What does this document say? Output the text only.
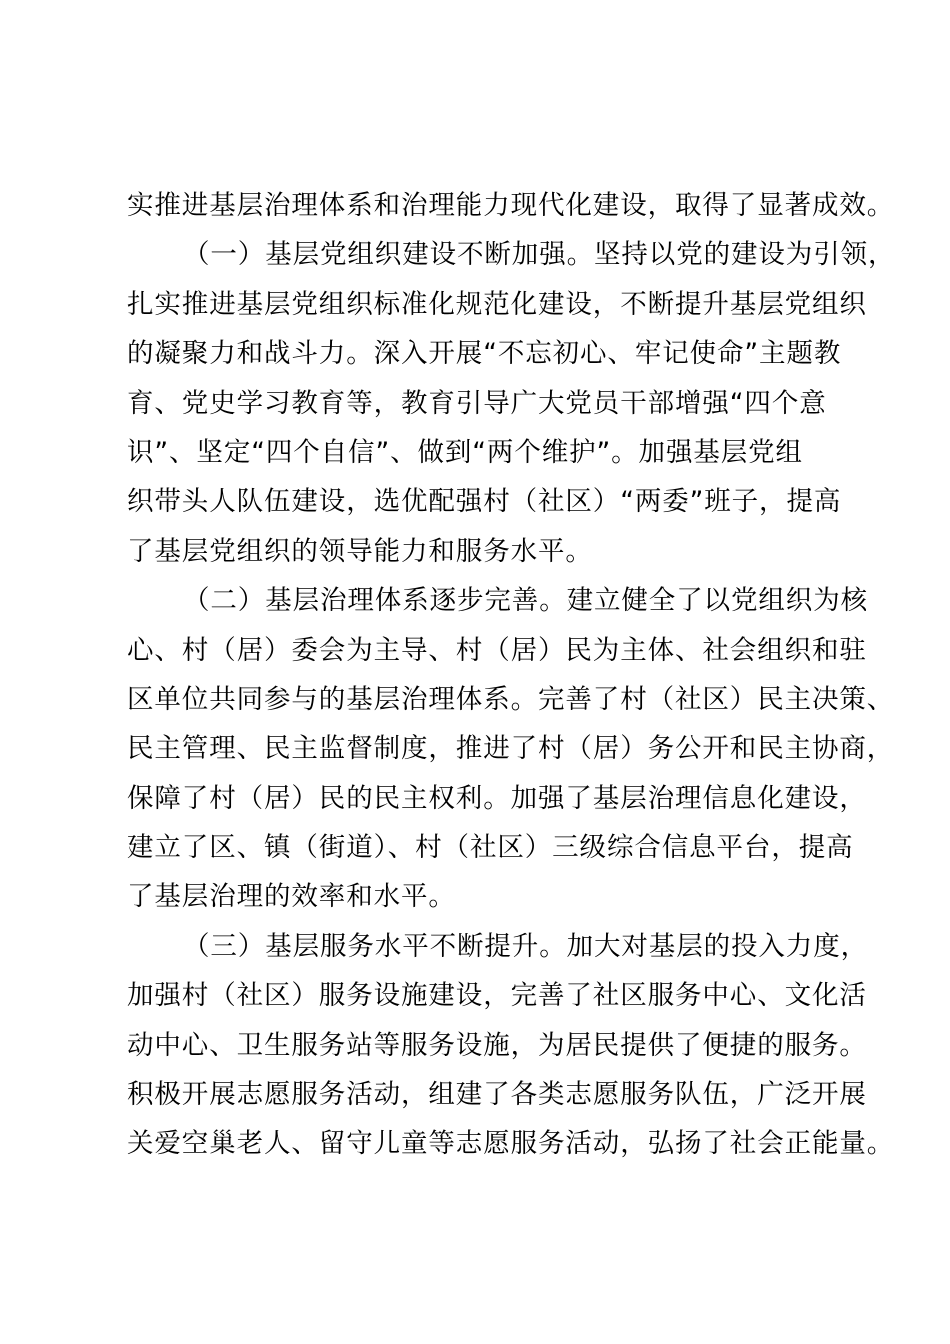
实推进基层治理体系和治理能力现代化建设，取得了显著成效。
（一）基层党组织建设不断加强。坚持以党的建设为引领，
扎实推进基层党组织标准化规范化建设，不断提升基层党组织
的凝聚力和战斗力。深入开展“不忘初心、牢记使命”主题教
育、党史学习教育等，教育引导广大党员干部增强“四个意
识”、坚定“四个自信”、做到“两个维护”。加强基层党组
织带头人队伍建设，选优配强村（社区）“两委”班子，提高
了基层党组织的领导能力和服务水平。
（二）基层治理体系逐步完善。建立健全了以党组织为核
心、村（居）委会为主导、村（居）民为主体、社会组织和驻
区单位共同参与的基层治理体系。完善了村（社区）民主决策、
民主管理、民主监督制度，推进了村（居）务公开和民主协商，
保障了村（居）民的民主权利。加强了基层治理信息化建设，
建立了区、镇（街道）、村（社区）三级综合信息平台，提高
了基层治理的效率和水平。
（三）基层服务水平不断提升。加大对基层的投入力度，
加强村（社区）服务设施建设，完善了社区服务中心、文化活
动中心、卫生服务站等服务设施，为居民提供了便捷的服务。
积极开展志愿服务活动，组建了各类志愿服务队伍，广泛开展
关爱空巢老人、留守儿童等志愿服务活动，弘扬了社会正能量。
